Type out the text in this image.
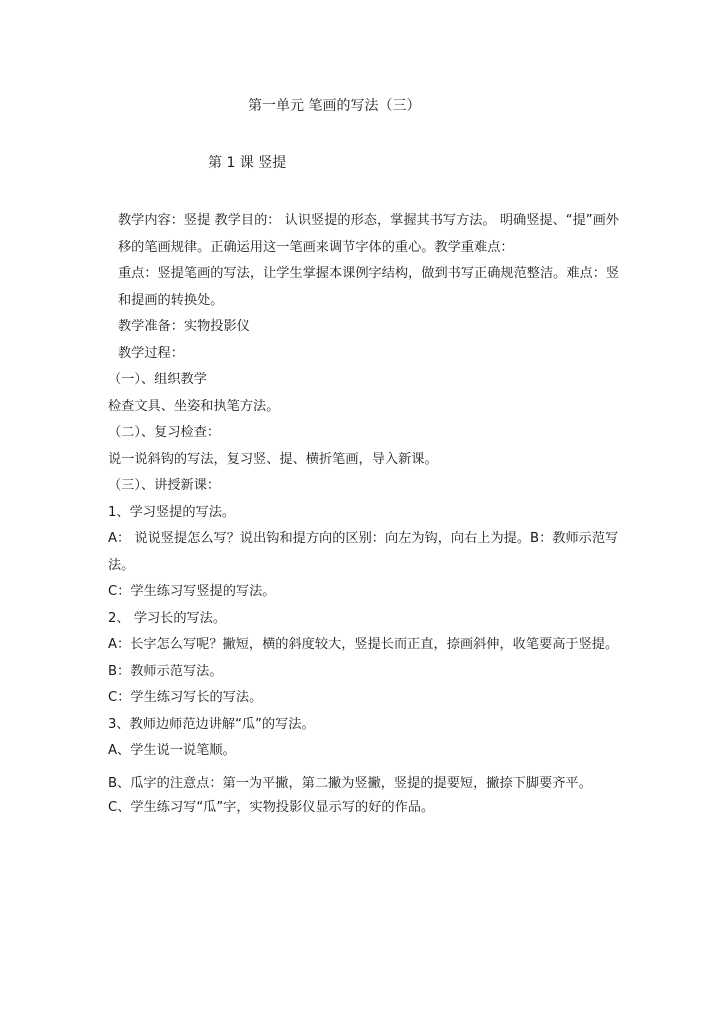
第一单元 笔画的写法（三）
第 1 课 竖提
教学内容：竖提 教学目的： 认识竖提的形态，掌握其书写方法。 明确竖提、“提”画外移的笔画规律。正确运用这一笔画来调节字体的重心。教学重难点：
重点：竖提笔画的写法，让学生掌握本课例字结构，做到书写正确规范整洁。难点：竖和提画的转换处。
教学准备：实物投影仪
教学过程：
（一）、组织教学
检查文具、坐姿和执笔方法。
（二）、复习检查：
说一说斜钩的写法，复习竖、提、横折笔画，导入新课。
（三）、讲授新课：
1、学习竖提的写法。
A： 说说竖提怎么写？说出钩和提方向的区别：向左为钩，向右上为提。B：教师示范写法。
C：学生练习写竖提的写法。
2、 学习长的写法。
A：长字怎么写呢？撇短，横的斜度较大，竖提长而正直，捺画斜伸，收笔要高于竖提。
B：教师示范写法。
C：学生练习写长的写法。
3、教师边师范边讲解“瓜”的写法。
A、学生说一说笔顺。
B、瓜字的注意点：第一为平撇，第二撇为竖撇，竖提的提要短，撇捺下脚要齐平。
C、学生练习写“瓜”字，实物投影仪显示写的好的作品。
